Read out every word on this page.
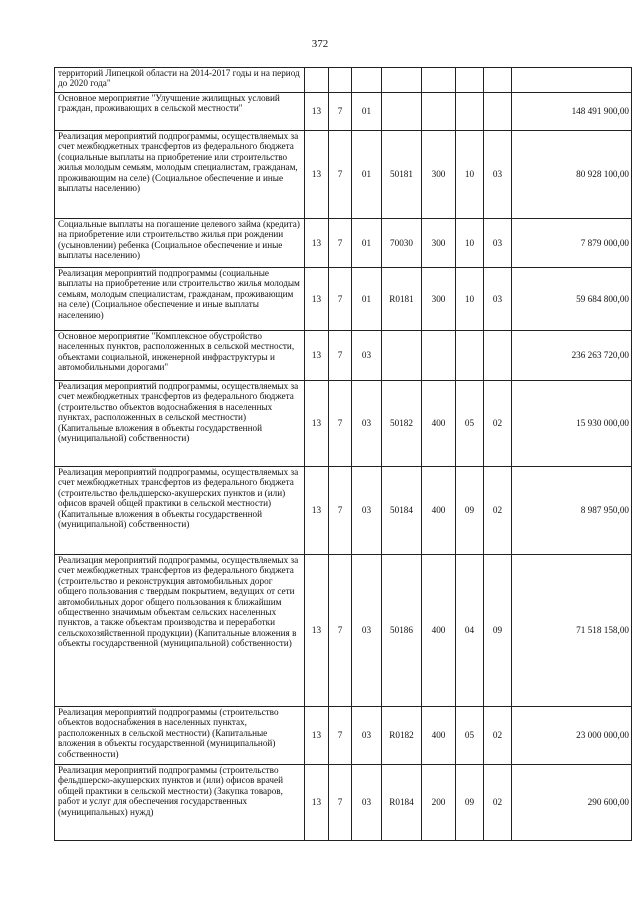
372
территорий Липецкой области на 2014-2017 годы и на период до 2020 года"								
Основное мероприятие "Улучшение жилищных условий граждан, проживающих в сельской местности"	13	7	01					148 491 900,00
Реализация мероприятий подпрограммы, осуществляемых за счет межбюджетных трансфертов из федерального бюджета (социальные выплаты на приобретение или строительство жилья молодым семьям, молодым специалистам, гражданам, проживающим на селе) (Социальное обеспечение и иные выплаты населению)	13	7	01	50181	300	10	03	80 928 100,00
Социальные выплаты на погашение целевого займа (кредита) на приобретение или строительство жилья при рождении (усыновлении) ребенка (Социальное обеспечение и иные выплаты населению)	13	7	01	70030	300	10	03	7 879 000,00
Реализация мероприятий подпрограммы (социальные выплаты на приобретение или строительство жилья молодым семьям, молодым специалистам, гражданам, проживающим на селе) (Социальное обеспечение и иные выплаты населению)	13	7	01	R0181	300	10	03	59 684 800,00
Основное мероприятие "Комплексное обустройство населенных пунктов, расположенных в сельской местности, объектами социальной, инженерной инфраструктуры и автомобильными дорогами"	13	7	03					236 263 720,00
Реализация мероприятий подпрограммы, осуществляемых за счет межбюджетных трансфертов из федерального бюджета (строительство объектов водоснабжения в населенных пунктах, расположенных в сельской местности) (Капитальные вложения в объекты государственной (муниципальной) собственности)	13	7	03	50182	400	05	02	15 930 000,00
Реализация мероприятий подпрограммы, осуществляемых за счет межбюджетных трансфертов из федерального бюджета (строительство фельдшерско-акушерских пунктов и (или) офисов врачей общей практики в сельской местности) (Капитальные вложения в объекты государственной (муниципальной) собственности)	13	7	03	50184	400	09	02	8 987 950,00
Реализация мероприятий подпрограммы, осуществляемых за счет межбюджетных трансфертов из федерального бюджета (строительство и реконструкция автомобильных дорог общего пользования с твердым покрытием, ведущих от сети автомобильных дорог общего пользования к ближайшим общественно значимым объектам сельских населенных пунктов, а также объектам производства и переработки сельскохозяйственной продукции) (Капитальные вложения в объекты государственной (муниципальной) собственности)	13	7	03	50186	400	04	09	71 518 158,00
Реализация мероприятий подпрограммы (строительство объектов водоснабжения в населенных пунктах, расположенных в сельской местности) (Капитальные вложения в объекты государственной (муниципальной) собственности)	13	7	03	R0182	400	05	02	23 000 000,00
Реализация мероприятий подпрограммы (строительство фельдшерско-акушерских пунктов и (или) офисов врачей общей практики в сельской местности) (Закупка товаров, работ и услуг для обеспечения государственных (муниципальных) нужд)	13	7	03	R0184	200	09	02	290 600,00
